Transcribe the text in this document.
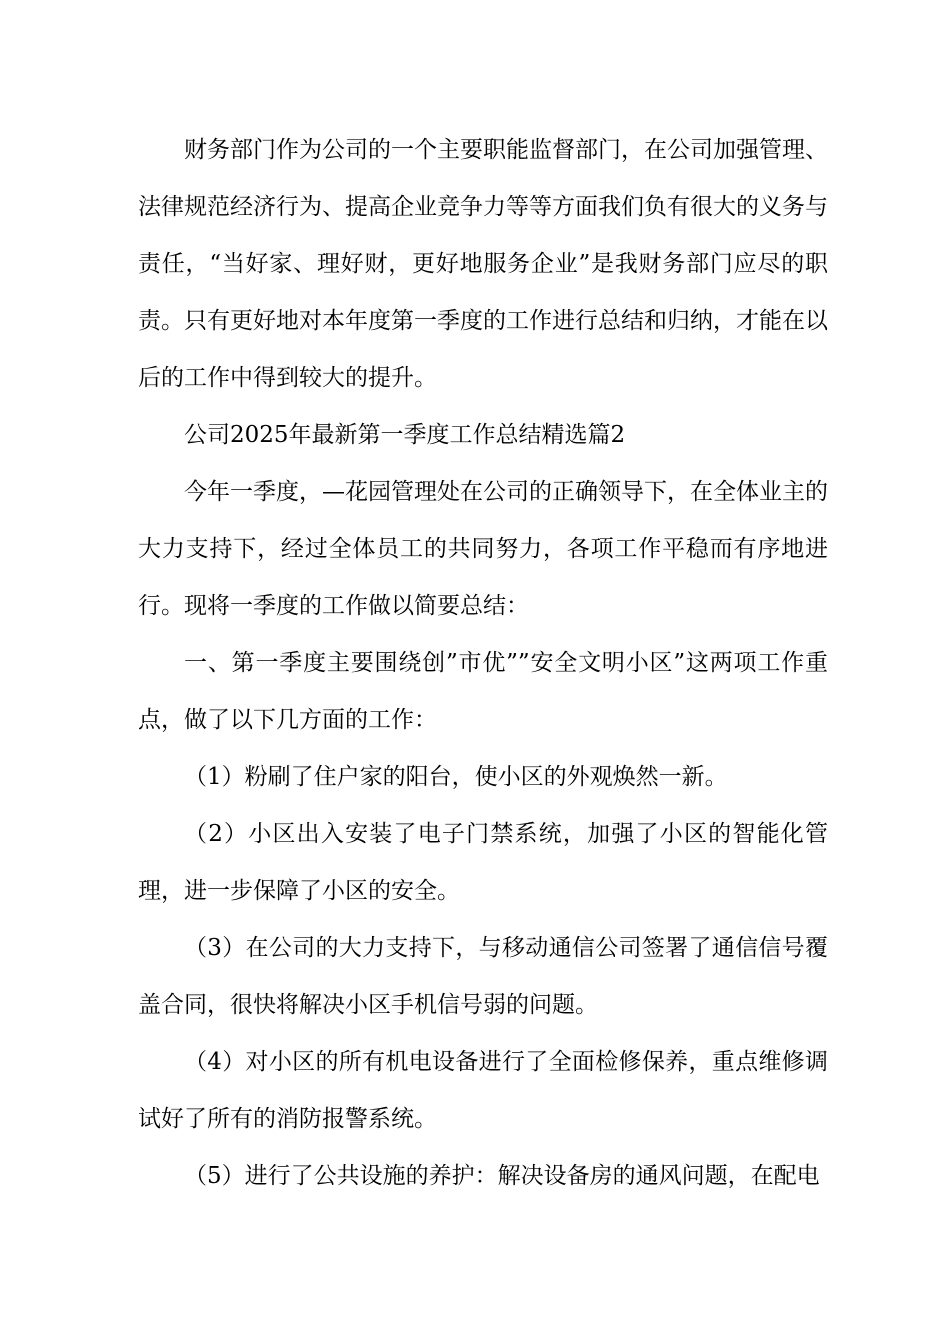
财务部门作为公司的一个主要职能监督部门，在公司加强管理、法律规范经济行为、提高企业竞争力等等方面我们负有很大的义务与责任，“当好家、理好财，更好地服务企业”是我财务部门应尽的职责。只有更好地对本年度第一季度的工作进行总结和归纳，才能在以后的工作中得到较大的提升。

公司2025年最新第一季度工作总结精选篇2

今年一季度，—花园管理处在公司的正确领导下，在全体业主的大力支持下，经过全体员工的共同努力，各项工作平稳而有序地进行。现将一季度的工作做以简要总结：

一、第一季度主要围绕创”市优””安全文明小区”这两项工作重点，做了以下几方面的工作：

（1）粉刷了住户家的阳台，使小区的外观焕然一新。

（2）小区出入安装了电子门禁系统，加强了小区的智能化管理，进一步保障了小区的安全。

（3）在公司的大力支持下，与移动通信公司签署了通信信号覆盖合同，很快将解决小区手机信号弱的问题。

（4）对小区的所有机电设备进行了全面检修保养，重点维修调试好了所有的消防报警系统。

（5）进行了公共设施的养护：解决设备房的通风问题，在配电
